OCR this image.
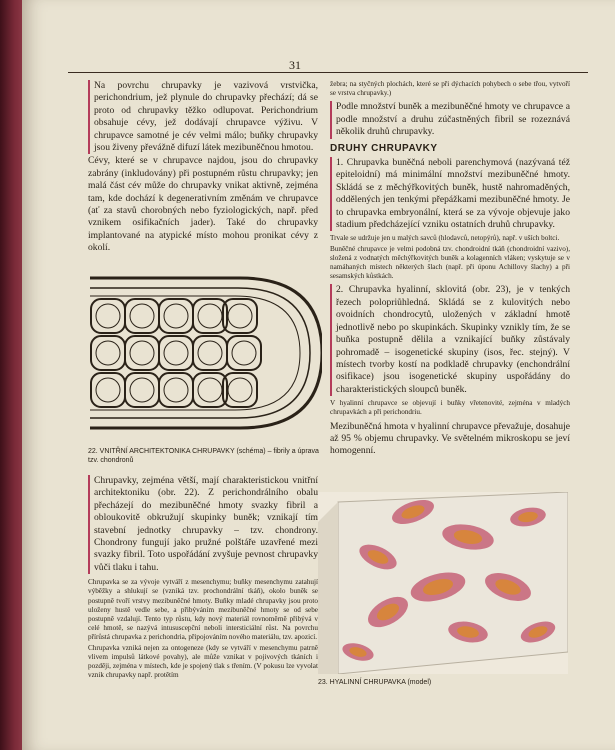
31

Na povrchu chrupavky je vazivová vrstvička, perichondrium, jež plynule do chrupavky přechází; dá se proto od chrupavky těžko odlupovat. Perichondrium obsahuje cévy, jež dodávají chrupavce výživu. V chrupavce samotné je cév velmi málo; buňky chrupavky jsou živeny převážně difuzí látek mezibuněčnou hmotou.

Cévy, které se v chrupavce najdou, jsou do chrupavky zabrány (inkludovány) při postupném růstu chrupavky; jen malá část cév může do chrupavky vnikat aktivně, zejména tam, kde dochází k degenerativním změnám ve chrupavce (ať za stavů chorobných nebo fyziologických, např. před vznikem osifikačních jader). Také do chrupavky implantované na atypické místo mohou pronikat cévy z okolí.

22. VNITŘNÍ ARCHITEKTONIKA CHRUPAVKY (schéma) – fibrily a úprava tzv. chondronů

Chrupavky, zejména větší, mají charakteristickou vnitřní architektoniku (obr. 22). Z perichondrálního obalu přecházejí do mezibuněčné hmoty svazky fibril a obloukovitě obkružují skupinky buněk; vznikají tím stavební jednotky chrupavky – tzv. chondrony. Chondrony fungují jako pružné polštáře uzavřené mezi svazky fibril. Toto uspořádání zvyšuje pevnost chrupavky vůči tlaku i tahu.

Chrupavka se za vývoje vytváří z mesenchymu; buňky mesenchymu zatahují výběžky a shlukují se (vzniká tzv. prochondrální tkáň), okolo buněk se postupně tvoří vrstvy mezibuněčné hmoty. Buňky mladé chrupavky jsou proto uloženy hustě vedle sebe, a přibýváním mezibuněčné hmoty se od sebe postupně vzdalují. Tento typ růstu, kdy nový materiál rovnoměrně přibývá v celé hmotě, se nazývá intususcepční neboli intersticiální růst. Na povrchu přírůstá chrupavka z perichondria, připojováním nového materiálu, tzv. apozicí.

Chrupavka vzniká nejen za ontogeneze (kdy se vytváří v mesenchymu patrně vlivem impulsů látkové povahy), ale může vznikat v pojivových tkáních i později, zejména v místech, kde je spojený tlak s třením. (V pokusu lze vyvolat vznik chrupavky např. protětím

žebra; na styčných plochách, které se při dýchacích pohybech o sebe třou, vytvoří se vrstva chrupavky.)

Podle množství buněk a mezibuněčné hmoty ve chrupavce a podle množství a druhu zúčastněných fibril se rozeznává několik druhů chrupavky.

DRUHY CHRUPAVKY

1. Chrupavka buněčná neboli parenchymová (nazývaná též epiteloidní) má minimální množství mezibuněčné hmoty. Skládá se z měchýřkovitých buněk, hustě nahromaděných, oddělených jen tenkými přepážkami mezibuněčné hmoty. Je to chrupavka embryonální, která se za vývoje objevuje jako stadium předcházející vzniku ostatních druhů chrupavky.

Trvale se udržuje jen u malých savců (hlodavců, netopýrů), např. v uších boltci.

Buněčné chrupavce je velmi podobná tzv. chondroidní tkáň (chondroidní vazivo), složená z vodnatých měchýřkovitých buněk a kolagenních vláken; vyskytuje se v namáhaných místech některých šlach (např. při úponu Achillovy šlachy) a při sesamských kůstkách.

2. Chrupavka hyalinní, sklovitá (obr. 23), je v tenkých řezech polopriůhledná. Skládá se z kulovitých nebo ovoidních chondrocytů, uložených v základní hmotě jednotlivě nebo po skupinkách. Skupinky vznikly tím, že se buňka postupně dělila a vznikající buňky zůstávaly pohromadě – isogenetické skupiny (isos, řec. stejný). V místech tvorby kostí na podkladě chrupavky (enchondrální osifikace) jsou isogenetické skupiny uspořádány do charakteristických sloupců buněk.

V hyalinní chrupavce se objevují i buňky vřetenovité, zejména v mladých chrupavkách a při perichondriu.

Mezibuněčná hmota v hyalinní chrupavce převažuje, dosahuje až 95 % objemu chrupavky. Ve světelném mikroskopu se jeví homogenní.

23. HYALINNÍ CHRUPAVKA (model)
